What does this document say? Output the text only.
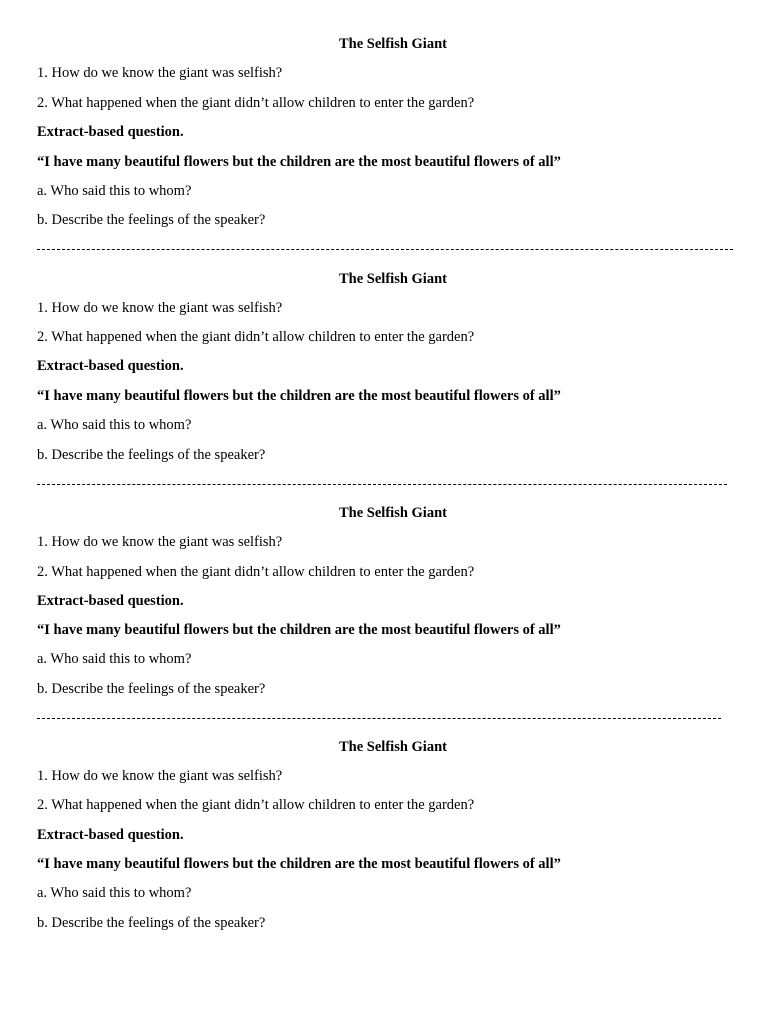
The Selfish Giant
1. How do we know the giant was selfish?
2. What happened when the giant didn’t allow children to enter the garden?
Extract-based question.
“I have many beautiful flowers but the children are the most beautiful flowers of all”
a. Who said this to whom?
b. Describe the feelings of the speaker?
The Selfish Giant
1. How do we know the giant was selfish?
2. What happened when the giant didn’t allow children to enter the garden?
Extract-based question.
“I have many beautiful flowers but the children are the most beautiful flowers of all”
a. Who said this to whom?
b. Describe the feelings of the speaker?
The Selfish Giant
1. How do we know the giant was selfish?
2. What happened when the giant didn’t allow children to enter the garden?
Extract-based question.
“I have many beautiful flowers but the children are the most beautiful flowers of all”
a. Who said this to whom?
b. Describe the feelings of the speaker?
The Selfish Giant
1. How do we know the giant was selfish?
2. What happened when the giant didn’t allow children to enter the garden?
Extract-based question.
“I have many beautiful flowers but the children are the most beautiful flowers of all”
a. Who said this to whom?
b. Describe the feelings of the speaker?
